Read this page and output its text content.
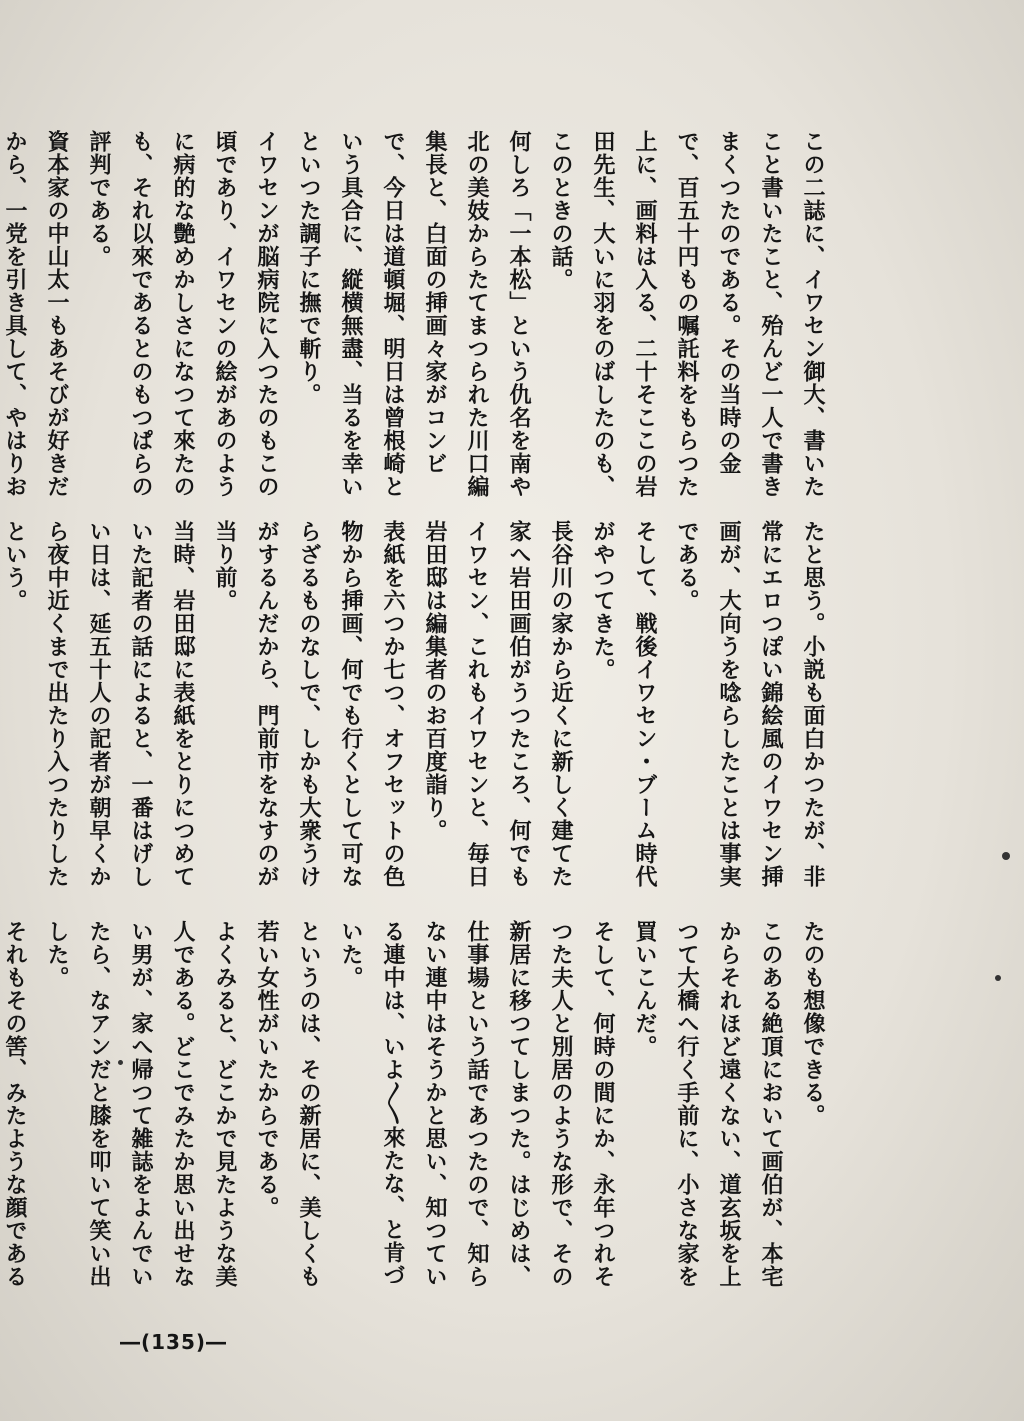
この二誌に、イワセン御大、書いたこと書いたこと、殆んど一人で書きまくつたのである。その当時の金で、百五十円もの嘱託料をもらつた上に、画料は入る、二十そここの岩田先生、大いに羽をのばしたのも、このときの話。

何しろ「一本松」という仇名を南や北の美妓からたてまつられた川口編集長と、白面の挿画々家がコンビで、今日は道頓堀、明日は曾根崎という具合に、縦横無盡、当るを幸いといつた調子に撫で斬り。

イワセンが脳病院に入つたのもこの頃であり、イワセンの絵があのように病的な艶めかしさになつて來たのも、それ以來であるとのもつぱらの評判である。

資本家の中山太一もあそびが好きだから、一党を引き具して、やはりお

たと思う。小説も面白かつたが、非常にエロつぽい錦絵風のイワセン挿画が、大向うを唸らしたことは事実である。

そして、戦後イワセン・ブーム時代がやつてきた。

長谷川の家から近くに新しく建てた家へ岩田画伯がうつたころ、何でもイワセン、これもイワセンと、毎日岩田邸は編集者のお百度詣り。

表紙を六つか七つ、オフセットの色物から挿画、何でも行くとして可ならざるものなしで、しかも大衆うけがするんだから、門前市をなすのが当り前。

当時、岩田邸に表紙をとりにつめていた記者の話によると、一番はげしい日は、延五十人の記者が朝早くから夜中近くまで出たり入つたりしたという。

たのも想像できる。

このある絶頂において画伯が、本宅からそれほど遠くない、道玄坂を上つて大橋へ行く手前に、小さな家を買いこんだ。

そして、何時の間にか、永年つれそつた夫人と別居のような形で、その新居に移つてしまつた。はじめは、仕事場という話であつたので、知らない連中はそうかと思い、知つている連中は、いよ〳〵來たな、と肯づいた。

というのは、その新居に、美しくも若い女性がいたからである。

よくみると、どこかで見たような美人である。どこでみたか思い出せない男が、家へ帰つて雑誌をよんでいたら、なアンだと膝を叩いて笑い出した。

それもその筈、みたような顔である

―(135)―
